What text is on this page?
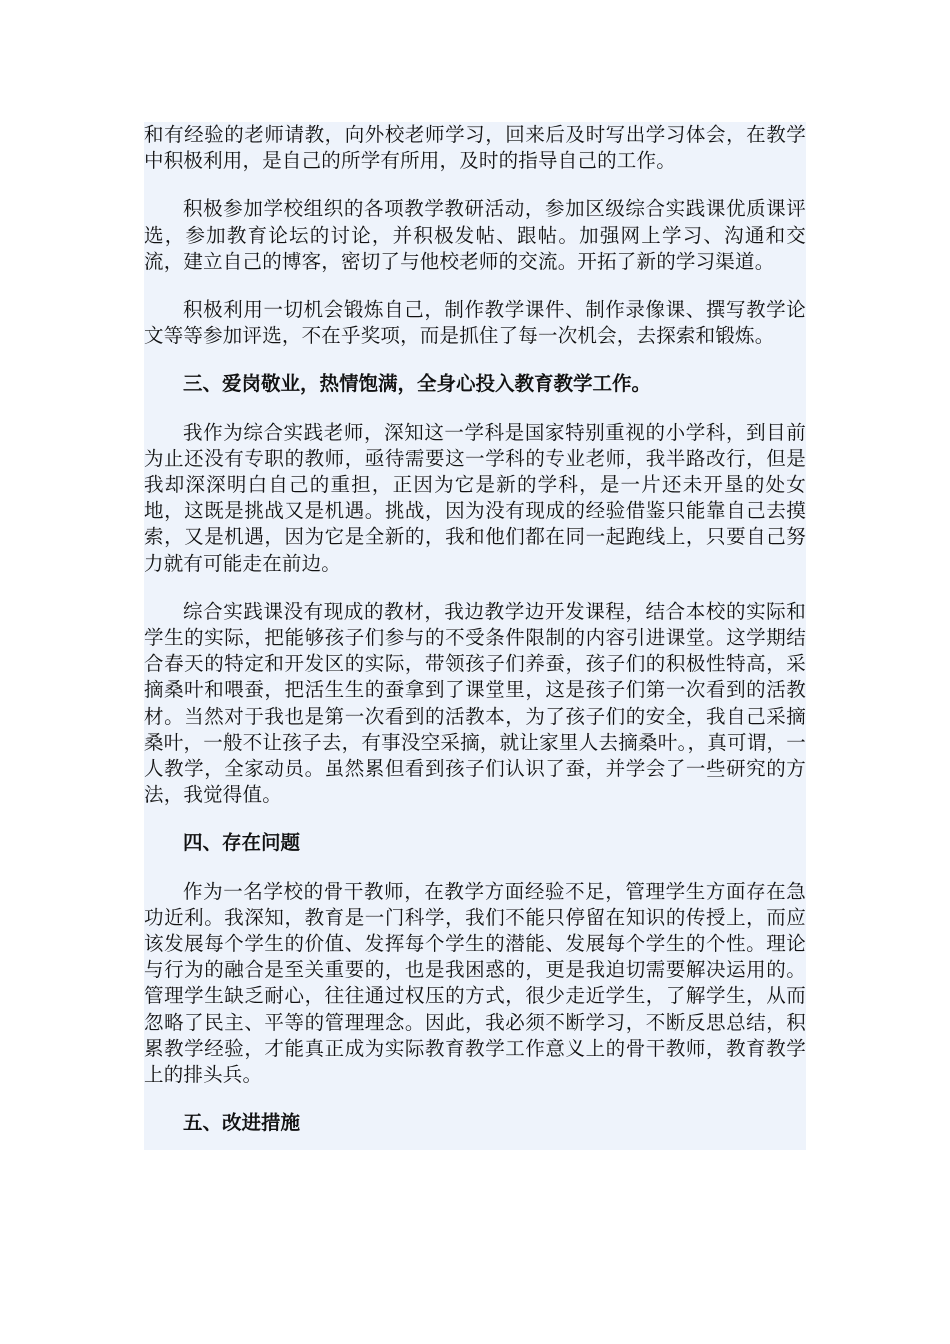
和有经验的老师请教，向外校老师学习，回来后及时写出学习体会，在教学中积极利用，是自己的所学有所用，及时的指导自己的工作。

积极参加学校组织的各项教学教研活动，参加区级综合实践课优质课评选，参加教育论坛的讨论，并积极发帖、跟帖。加强网上学习、沟通和交流，建立自己的博客，密切了与他校老师的交流。开拓了新的学习渠道。

积极利用一切机会锻炼自己，制作教学课件、制作录像课、撰写教学论文等等参加评选，不在乎奖项，而是抓住了每一次机会，去探索和锻炼。

三、爱岗敬业，热情饱满，全身心投入教育教学工作。

我作为综合实践老师，深知这一学科是国家特别重视的小学科，到目前为止还没有专职的教师，亟待需要这一学科的专业老师，我半路改行，但是我却深深明白自己的重担，正因为它是新的学科，是一片还未开垦的处女地，这既是挑战又是机遇。挑战，因为没有现成的经验借鉴只能靠自己去摸索，又是机遇，因为它是全新的，我和他们都在同一起跑线上，只要自己努力就有可能走在前边。

综合实践课没有现成的教材，我边教学边开发课程，结合本校的实际和学生的实际，把能够孩子们参与的不受条件限制的内容引进课堂。这学期结合春天的特定和开发区的实际，带领孩子们养蚕，孩子们的积极性特高，采摘桑叶和喂蚕，把活生生的蚕拿到了课堂里，这是孩子们第一次看到的活教材。当然对于我也是第一次看到的活教本，为了孩子们的安全，我自己采摘桑叶，一般不让孩子去，有事没空采摘，就让家里人去摘桑叶。，真可谓，一人教学，全家动员。虽然累但看到孩子们认识了蚕，并学会了一些研究的方法，我觉得值。

四、存在问题

作为一名学校的骨干教师，在教学方面经验不足，管理学生方面存在急功近利。我深知，教育是一门科学，我们不能只停留在知识的传授上，而应该发展每个学生的价值、发挥每个学生的潜能、发展每个学生的个性。理论与行为的融合是至关重要的，也是我困惑的，更是我迫切需要解决运用的。管理学生缺乏耐心，往往通过权压的方式，很少走近学生，了解学生，从而忽略了民主、平等的管理理念。因此，我必须不断学习，不断反思总结，积累教学经验，才能真正成为实际教育教学工作意义上的骨干教师，教育教学上的排头兵。

五、改进措施
